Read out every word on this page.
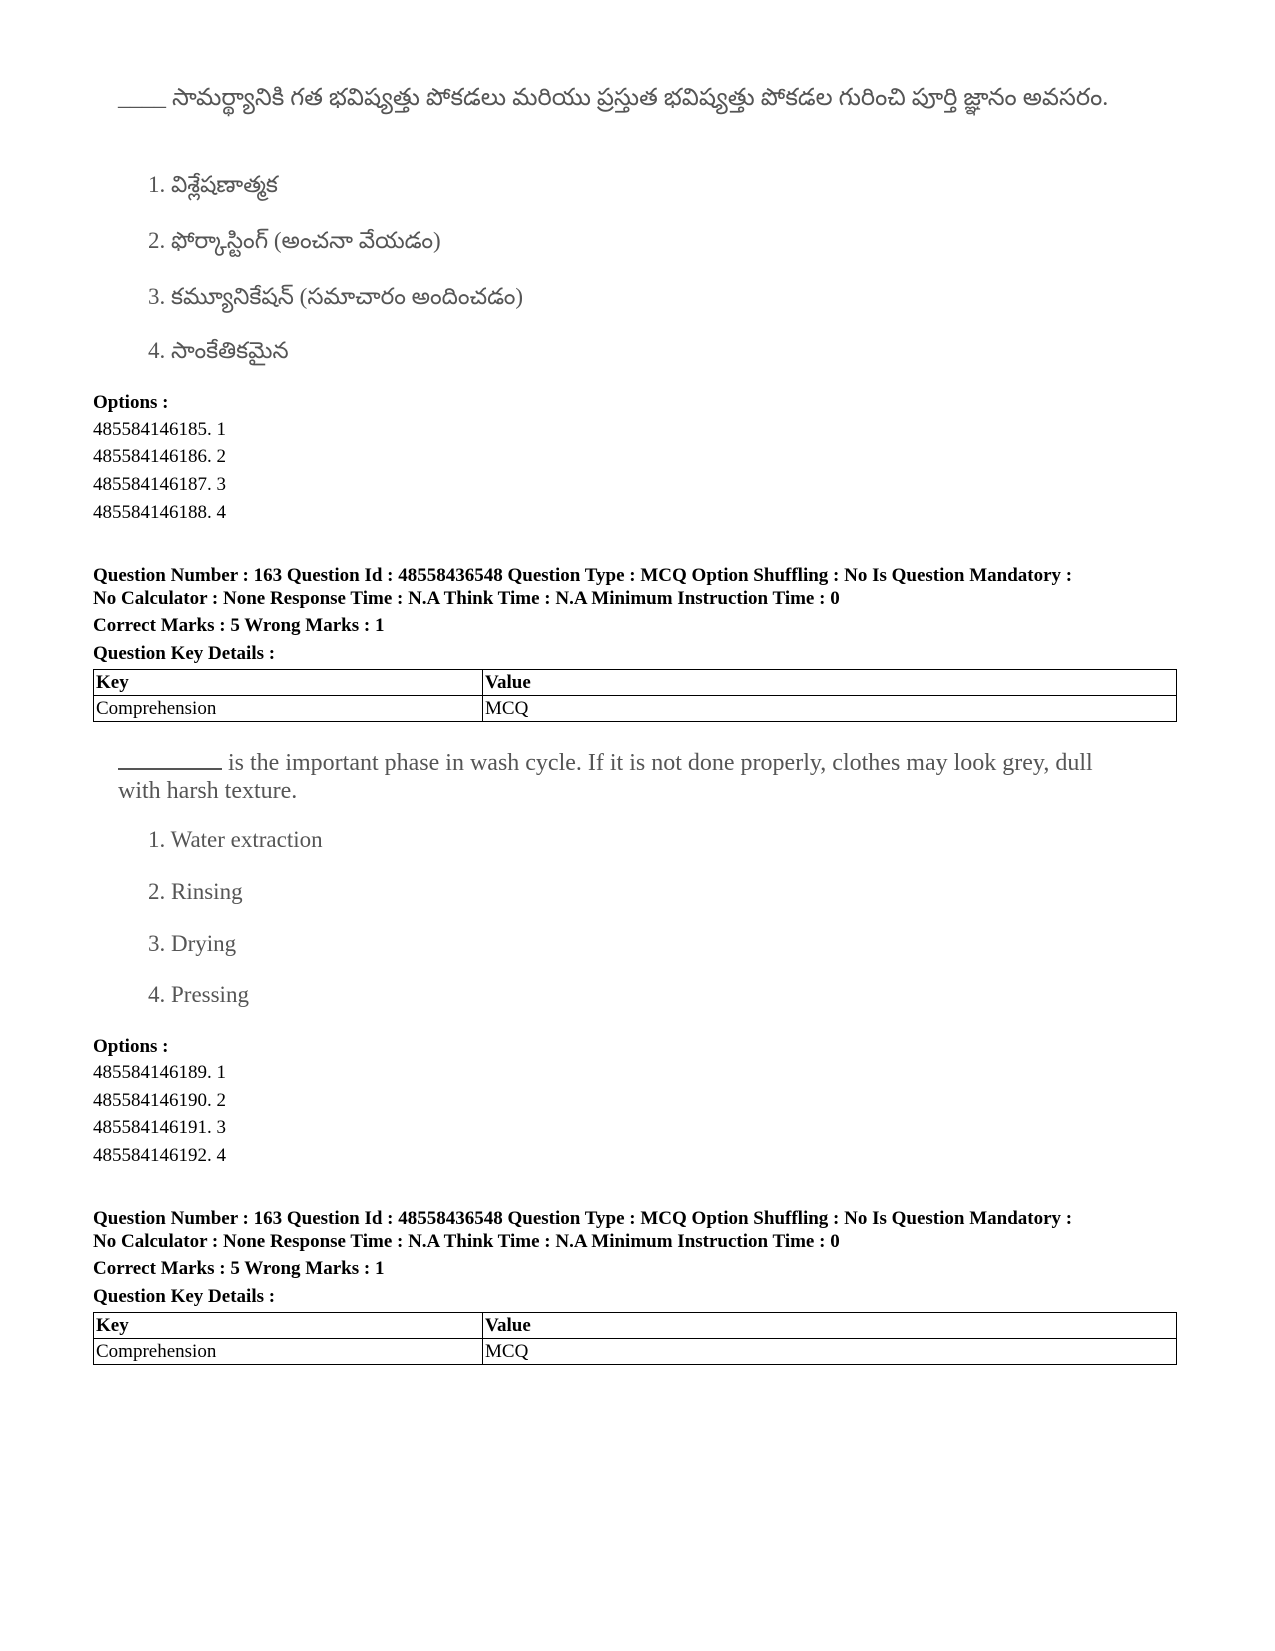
____ సామర్థ్యానికి గత భవిష్యత్తు పోకడలు మరియు ప్రస్తుత భవిష్యత్తు పోకడల గురించి పూర్తి జ్ఞానం అవసరం.
1. విశ్లేషణాత్మక
2. ఫోర్కాస్టింగ్ (అంచనా వేయడం)
3. కమ్యూనికేషన్ (సమాచారం అందించడం)
4. సాంకేతికమైన
Options :
485584146185. 1
485584146186. 2
485584146187. 3
485584146188. 4
Question Number : 163 Question Id : 48558436548 Question Type : MCQ Option Shuffling : No Is Question Mandatory :
No Calculator : None Response Time : N.A Think Time : N.A Minimum Instruction Time : 0
Correct Marks : 5 Wrong Marks : 1
Question Key Details :
Key	Value
Comprehension	MCQ
is the important phase in wash cycle. If it is not done properly, clothes may look grey, dull with harsh texture.
1. Water extraction
2. Rinsing
3. Drying
4. Pressing
Options :
485584146189. 1
485584146190. 2
485584146191. 3
485584146192. 4
Question Number : 163 Question Id : 48558436548 Question Type : MCQ Option Shuffling : No Is Question Mandatory :
No Calculator : None Response Time : N.A Think Time : N.A Minimum Instruction Time : 0
Correct Marks : 5 Wrong Marks : 1
Question Key Details :
Key	Value
Comprehension	MCQ
